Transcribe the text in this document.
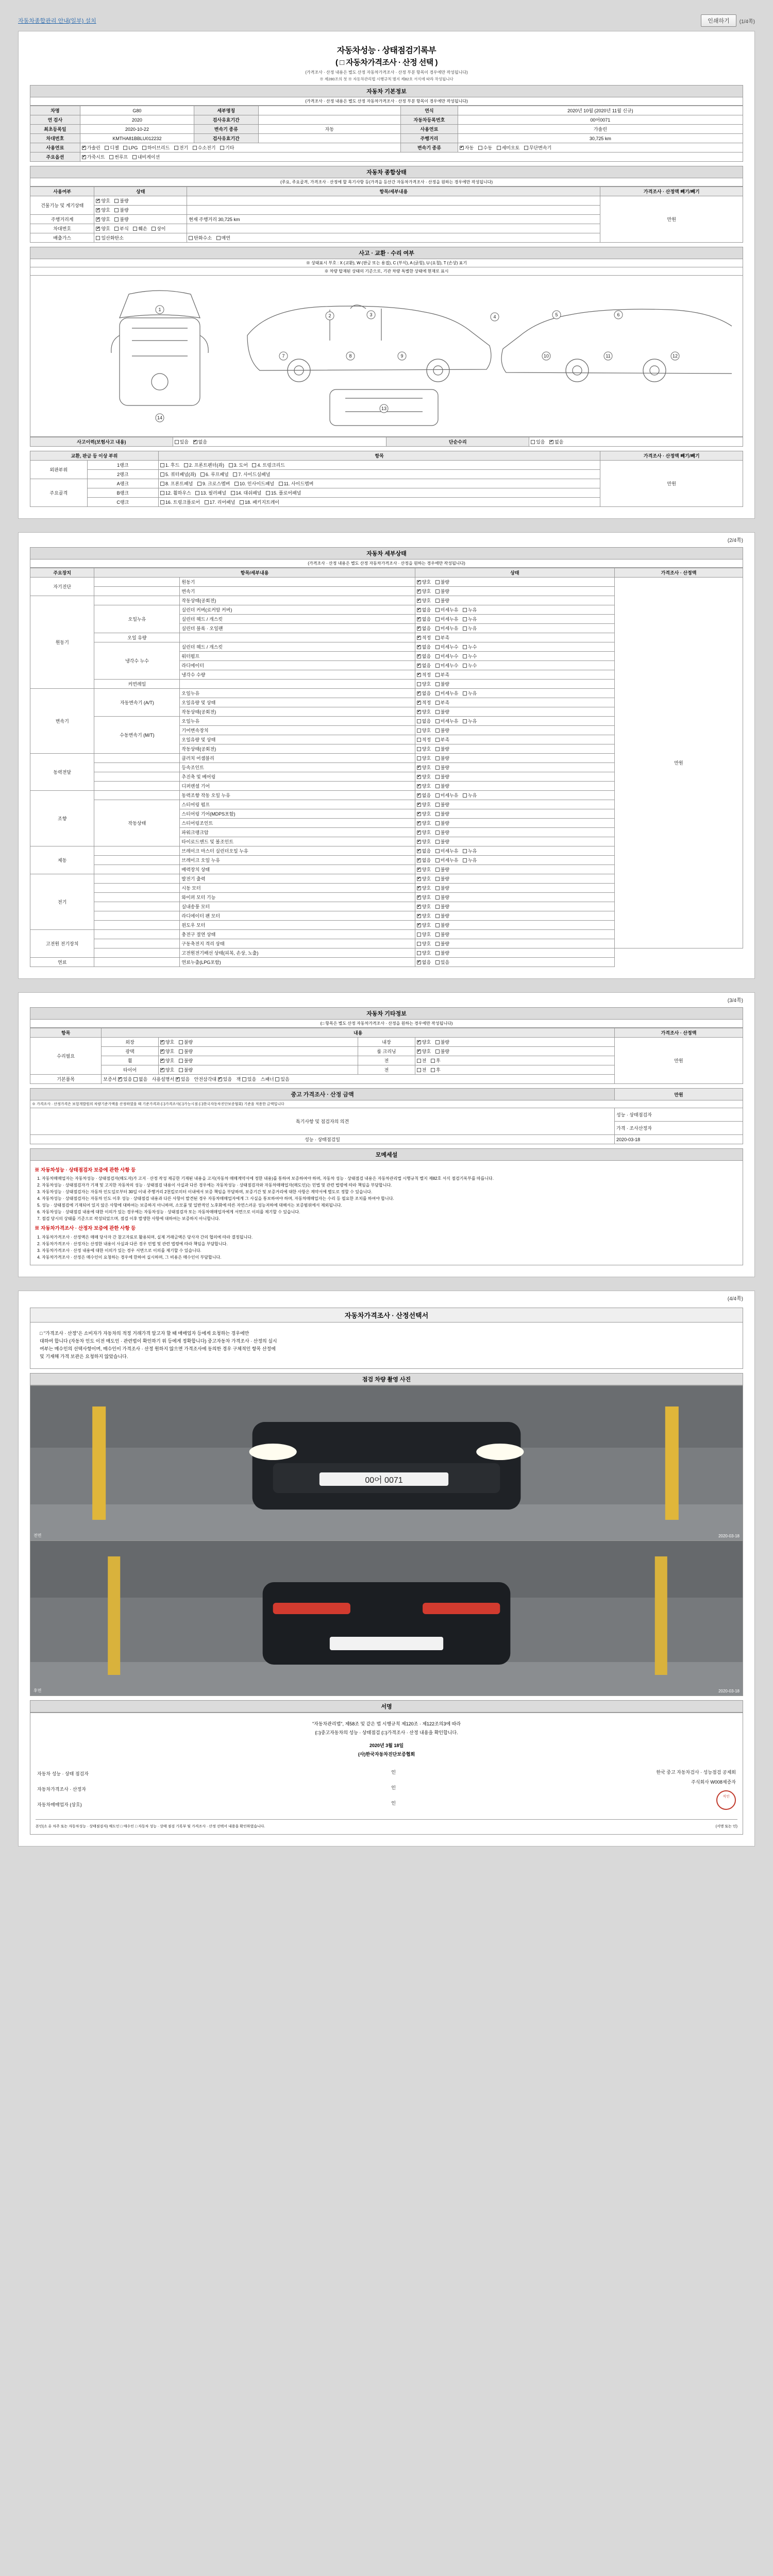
자동차종합관리 안내(일부) 설치	인쇄하기	(1/4쪽)
자동차성능 · 상태점검기록부
( □ 자동차가격조사 · 산정 선택 )
(가격조사 · 산정 내용은 별도 산정 자동차가격조사 · 산정 부분 항목이 경우에만 작성됩니다)
※ 제280조의 첫 ※ 자동차관리법 시행규칙 별지 제82호 서식에 따라 작성됩니다
자동차 기본정보
(가격조사 · 산정 내용은 별도 산정 자동차가격조사 · 산정 부분 항목이 경우에만 작성됩니다)
차명	G80	세부명칭		연식	2020년 10월 (2020년 11월 신규)
연 검사	2020	검사유효기간		자동차등록번호	00어0071
최초등록일	2020-10-22	변속기 종류	자동	사용연료	가솔린
차대번호	KMTHA81BBLU012232	검사유효기간		주행거리	30,725 km
사용연료	✔가솔린 디젤 LPG 하이브리드 전기 수소전기 기타			변속기 종류	✔자동 수동 세미오토 무단변속기
주요옵션	✔가죽시트 썬루프 내비게이션
자동차 종합상태
(주요, 주요골격, 가격조사 · 산정에 할 목기사항 등(가격을 등산간 자동차가격조사 · 산정을 원하는 경우에만 작성됩니다)
사용여부	상태	항목/세부내용	가격조사 · 산정액 빼기/빼기
건물기능 및 계기상태	✔양호 불량		만원
✔양호 불량	
주행거리계	✔양호 불량	현재 주행거리 30,725 km	
차대번호	✔양호 부식 훼손 상이	
배출가스	일산화탄소	탄화수소 매연	
사고 · 교환 · 수리 여부
※ 상태표시 부호 : X (교환), W (판금 또는 용접), C (부식), A (긁힘), U (요철), T (손상) 표기
※ 차량 탑재된 상태의 기준으로, 기관 차량 특별한 상태에 현재로 표시
1
2	3	4	5	6
7	8	9	10	11	12
13
14
사고이력(보험사고 내용)	있음 ✔ 없음	단순수리	있음 ✔ 없음
교환, 판금 등 이상 부위		항목	가격조사 · 산정액 빼기/빼기
외판부위	1랭크	1. 후드 2. 프론트펜더(좌) 3. 도어 4. 트렁크리드	만원
	2랭크	5. 쿼터패널(좌) 6. 루프패널 7. 사이드실패널	
주요골격	A랭크	8. 프론트패널 9. 크로스멤버 10. 인사이드패널 11. 사이드멤버	
	B랭크	12. 휠하우스 13. 필러패널 14. 대쉬패널 15. 플로어패널	
	C랭크	16. 트렁크플로어 17. 리어패널 18. 패키지트레이	
(2/4쪽)
자동차 세부상태
(가격조사 · 산정 내용은 별도 산정 자동차가격조사 · 산정을 원하는 경우에만 작성됩니다)
주요장치	항목/세부내용		상태	가격조사 · 산정액
자기진단		원동기	✔양호 불량	만원
		변속기	✔양호 불량
원동기		작동상태(공회전)	✔양호 불량
	오일누유	실린더 커버(로커암 커버)	✔없음 미세누유 누유
		실린더 헤드 / 개스킷	✔없음 미세누유 누유
		실린더 블록 · 오일팬	✔없음 미세누유 누유
	오일 유량		✔적정 부족
	냉각수 누수	실린더 헤드 / 개스킷	✔없음 미세누수 누수
		워터펌프	✔없음 미세누수 누수
		라디에이터	✔없음 미세누수 누수
		냉각수 수량	✔적정 부족
	커먼레일		양호 불량	
변속기	자동변속기 (A/T)	오일누유	✔없음 미세누유 누유
		오일유량 및 상태	✔적정 부족
		작동상태(공회전)	✔양호 불량
	수동변속기 (M/T)	오일누유	없음 미세누유 누유	
		기어변속장치	양호 불량	
		오일유량 및 상태	적정 부족	
		작동상태(공회전)	양호 불량	
동력전달		클러치 어셈블리	양호 불량	
		등속조인트	✔양호 불량
		추진축 및 베어링	✔양호 불량
		디퍼렌셜 기어	✔양호 불량
조향		동력조향 작동 오일 누유	✔없음 미세누유 누유
	작동상태	스티어링 펌프	✔양호 불량
		스티어링 기어(MDPS포함)	✔양호 불량
		스티어링조인트	✔양호 불량
		파워크랭크암	✔양호 불량
		타이로드엔드 및 볼조인트	✔양호 불량
제동		브레이크 마스터 실린더오일 누유	✔없음 미세누유 누유
		브레이크 오일 누유	✔없음 미세누유 누유
		배력장치 상태	✔양호 불량
전기		발전기 출력	✔양호 불량
		시동 모터	✔양호 불량
		와이퍼 모터 기능	✔양호 불량
		실내송풍 모터	✔양호 불량
		라디에이터 팬 모터	✔양호 불량
		윈도우 모터	✔양호 불량
고전원 전기장치		충전구 절연 상태	양호 불량	
		구동축전지 격리 상태	양호 불량	
		고전원전기배선 상태(피복, 손상, 노출)	양호 불량	
연료		연료누출(LPG포함)	✔없음 있음
(3/4쪽)
자동차 기타정보
(□ 항목은 별도 산정 자동차가격조사 · 산정을 원하는 경우에만 작성됩니다)
항목	내용				가격조사 · 산정액
수리필요	외장	✔양호 불량	내장	✔양호 불량	만원
	광택	✔양호 불량	룸 크리닝	✔양호 불량
	휠	✔양호 불량	전	전 후	
	타이어	✔양호 불량	전	전 후	
기본품목	보증서 ✔ 있음 없음 사용설명서 ✔ 있음 안전삼각대 ✔ 있음 잭 있음 스패너 있음
중고 가격조사 · 산정 금액	만원
※ 가격조사 · 산정가격은 보험개발원의 차량기준가액을 산정하였을 때 기준가격과 (□)가격조사(□)가능시점 (□)한국자동차진단보증협회) 기준을 적용한 금액입니다	
특기사항 및 점검자의 의견	성능 · 상태점검자
	가격 · 조사산정자
성능 · 상태점검일	2020-03-18
모메세설
※ 자동차성능 · 상태점검자 보증에 관한 사항 등
1. 자동차매매업자는 자동차성능 · 상태점검자(매도자)가 고지 · 산정 작성 제공한 기재된 내용을 고지(자동차 매매계약서에 정한 내용)를 통하여 보증하여야 하며, 자동차 성능 · 상태점검 내용은 자동차관리법 시행규칙 별지 제82호 서식 점검기록부를 따릅니다.
2. 자동차성능 · 상태점검자가 기재 및 고지한 자동차의 성능 · 상태점검 내용이 사실과 다른 경우에는 자동차성능 · 상태점검자와 자동차매매업자(매도인)는 민법 및 관련 법령에 따라 책임을 부담합니다.
3. 자동차성능 · 상태점검자는 자동차 인도일로부터 30일 이내 주행거리 2천킬로미터 이내에서 보증 책임을 부담하며, 보증기간 및 보증거리에 대한 사항은 계약서에 별도로 정할 수 있습니다.
4. 자동차성능 · 상태점검자는 자동차 인도 이후 성능 · 상태점검 내용과 다른 사항이 발견된 경우 자동차매매업자에게 그 사실을 통보하여야 하며, 자동차매매업자는 수리 등 필요한 조치를 하여야 합니다.
5. 성능 · 상태점검에 기재되어 있지 않은 사항에 대하여는 보증하지 아니하며, 소모품 및 일반적인 노후화에 따른 자연스러운 성능저하에 대해서는 보증범위에서 제외됩니다.
6. 자동차성능 · 상태점검 내용에 대한 이의가 있는 경우에는 자동차성능 · 상태점검자 또는 자동차매매업자에게 서면으로 이의를 제기할 수 있습니다.
7. 점검 당시의 상태를 기준으로 작성되었으며, 점검 이후 발생한 사항에 대하여는 보증하지 아니합니다.
※ 자동차가격조사 · 산정자 보증에 관한 사항 등
1. 자동차가격조사 · 산정액은 매매 당사자 간 참고자료로 활용되며, 실제 거래금액은 당사자 간의 협의에 따라 결정됩니다.
2. 자동차가격조사 · 산정자는 산정한 내용이 사실과 다른 경우 민법 및 관련 법령에 따라 책임을 부담합니다.
3. 자동차가격조사 · 산정 내용에 대한 이의가 있는 경우 서면으로 이의를 제기할 수 있습니다.
4. 자동차가격조사 · 산정은 매수인이 요청하는 경우에 한하여 실시하며, 그 비용은 매수인이 부담합니다.
(4/4쪽)
자동차가격조사 · 산정선택서
□ "가격조사 · 산정"은 소비자가 자동차의 적정 거래가격 알고자 할 때 매매업자 등에게 요청하는 경우에만
대하여 합니다 (자동차 인도 이전 매도인 · 관련법이 확인하기 위 등에게 정확합니다) 중고자동차 가격조사 · 산정의 실시
여부는 매수인의 선택사항이며, 매수인이 가격조사 · 산정 원하지 않으면 가격조사에 동의한 경우 구체적인 항목 산정에
및 기재해 가격 보관은 요청하지 않았습니다.
점검 차량 촬영 사진
00어 0071
전면	2020-03-18

후면	2020-03-18
서명

"자동차관리법", 제58조 및 같은 법 시행규칙 제120조 · 제122조의3에 따라

(□)중고자동차의 성능 · 상태점검 (□)가격조사 · 산정 내용을 확인합니다.

2020년 3월 18일

(사)한국자동차진단보증협회

자동차 성능 · 상태 점검자	인	한국 중고 자동차검사 · 성능점검 공제회
주식회사 W008제증자
직인

자동차가격조사 · 산정자	인	
자동차매매업자 (상호)	인	
본인(소 유 차주 또는 자동차성능 · 상태점검자) 매도인 □ 매수인 □ 자동차 성능 · 상태 점검 기록부 및 가격조사 · 산정 선택서 내용을 확인하였습니다.	(서명 또는 인)
